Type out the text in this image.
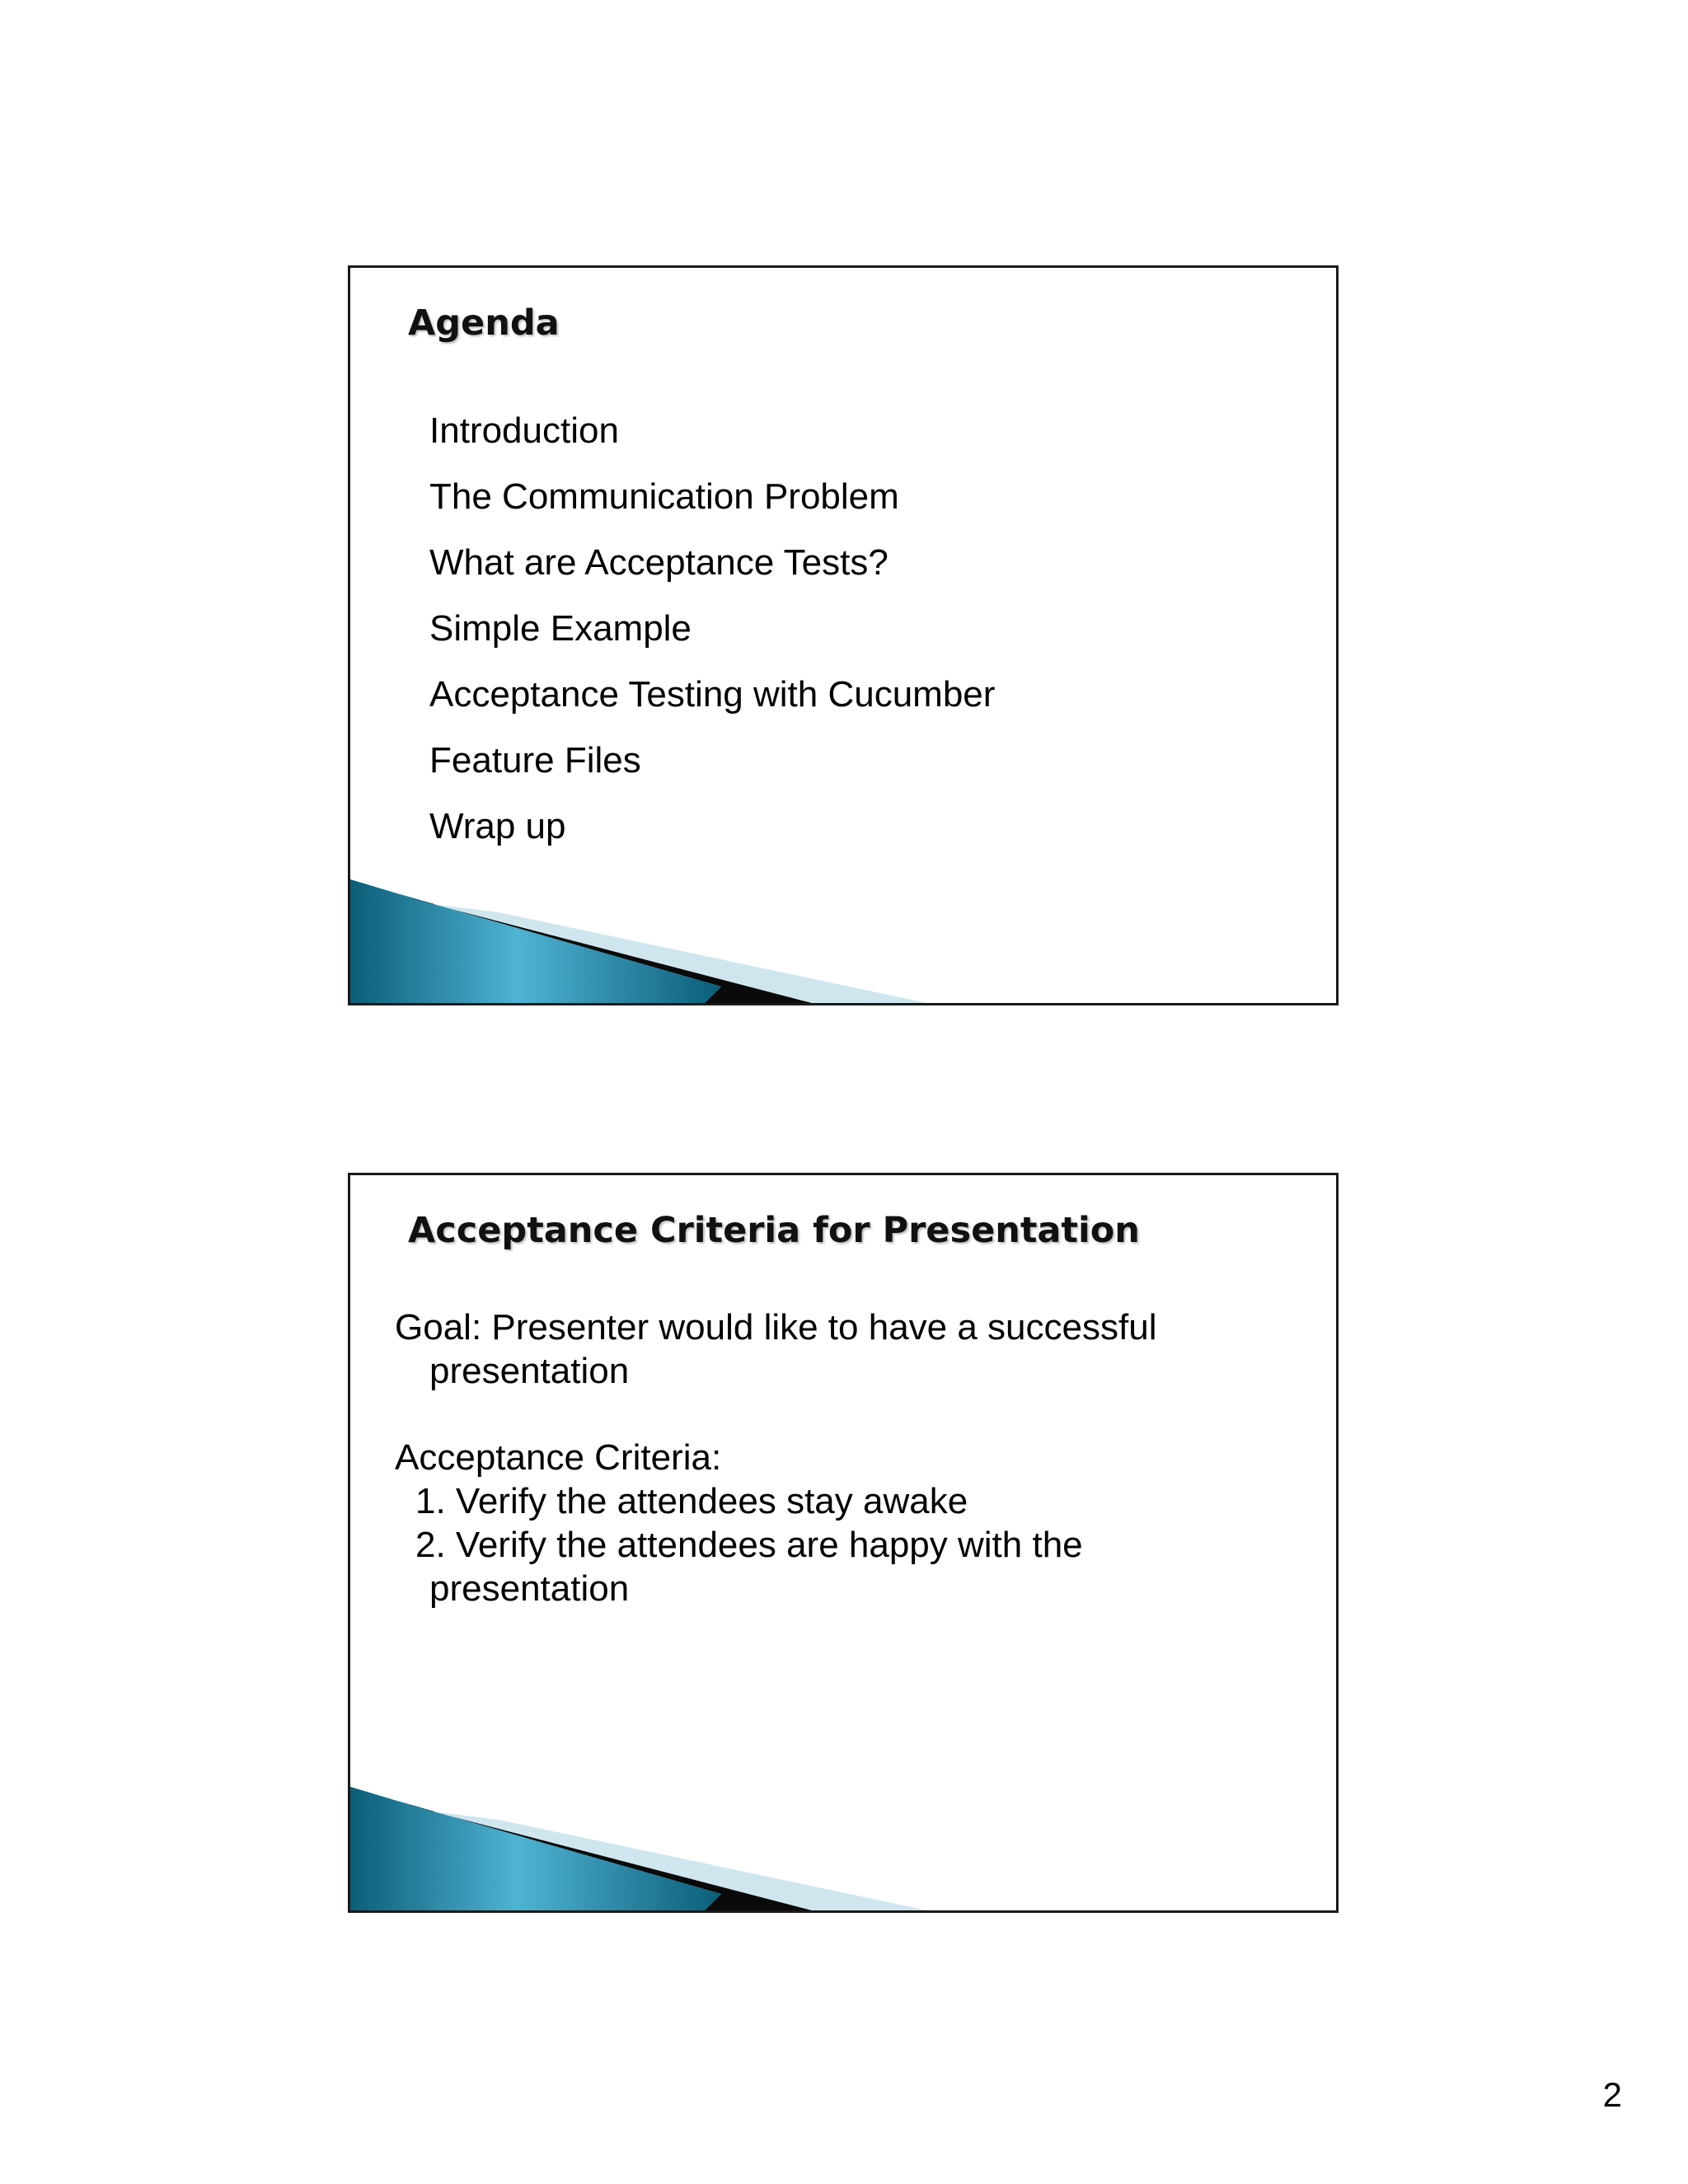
Agenda
Introduction
The Communication Problem
What are Acceptance Tests?
Simple Example
Acceptance Testing with Cucumber
Feature Files
Wrap up
Acceptance Criteria for Presentation
Goal: Presenter would like to have a successful
presentation
Acceptance Criteria:
1. Verify the attendees stay awake
2. Verify the attendees are happy with the
presentation
2
